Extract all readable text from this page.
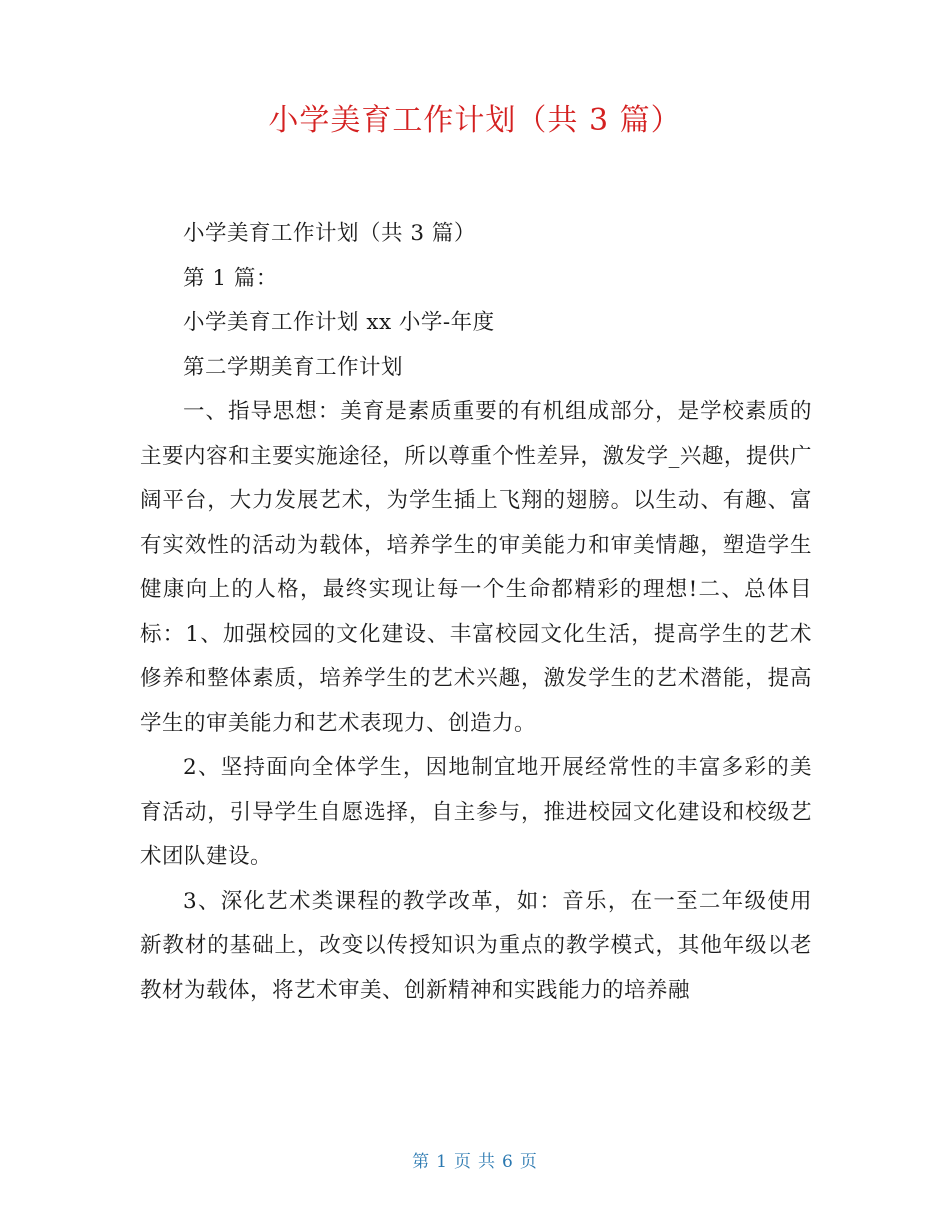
小学美育工作计划（共 3 篇）

小学美育工作计划（共 3 篇）

第 1 篇：

小学美育工作计划 xx 小学-年度

第二学期美育工作计划

一、指导思想：美育是素质重要的有机组成部分，是学校素质的主要内容和主要实施途径，所以尊重个性差异，激发学_兴趣，提供广阔平台，大力发展艺术，为学生插上飞翔的翅膀。以生动、有趣、富有实效性的活动为载体，培养学生的审美能力和审美情趣，塑造学生健康向上的人格，最终实现让每一个生命都精彩的理想!二、总体目标：1、加强校园的文化建设、丰富校园文化生活，提高学生的艺术修养和整体素质，培养学生的艺术兴趣，激发学生的艺术潜能，提高学生的审美能力和艺术表现力、创造力。

2、坚持面向全体学生，因地制宜地开展经常性的丰富多彩的美育活动，引导学生自愿选择，自主参与，推进校园文化建设和校级艺术团队建设。

3、深化艺术类课程的教学改革，如：音乐，在一至二年级使用新教材的基础上，改变以传授知识为重点的教学模式，其他年级以老教材为载体，将艺术审美、创新精神和实践能力的培养融

第 1 页 共 6 页
